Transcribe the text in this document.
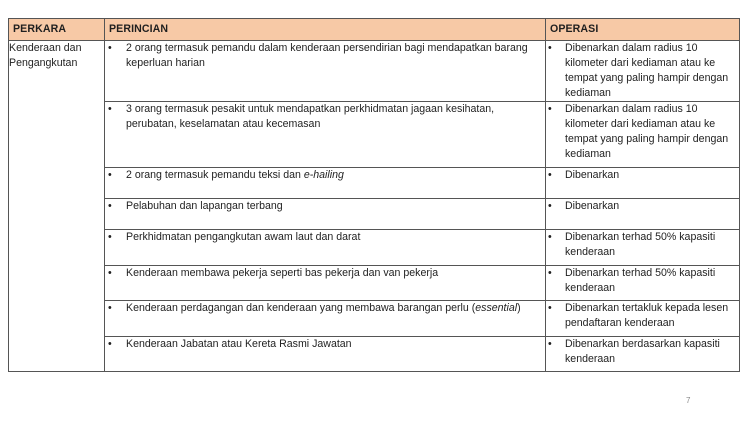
PERKARA	PERINCIAN	OPERASI
Kenderaan dan Pengangkutan	• 2 orang termasuk pemandu dalam kenderaan persendirian bagi mendapatkan barang keperluan harian	• Dibenarkan dalam radius 10 kilometer dari kediaman atau ke tempat yang paling hampir dengan kediaman

	• 3 orang termasuk pesakit untuk mendapatkan perkhidmatan jagaan kesihatan, perubatan, keselamatan atau kecemasan	• Dibenarkan dalam radius 10 kilometer dari kediaman atau ke tempat yang paling hampir dengan kediaman

	• 2 orang termasuk pemandu teksi dan e-hailing	• Dibenarkan

	• Pelabuhan dan lapangan terbang	• Dibenarkan

	• Perkhidmatan pengangkutan awam laut dan darat	• Dibenarkan terhad 50% kapasiti kenderaan

	• Kenderaan membawa pekerja seperti bas pekerja dan van pekerja	• Dibenarkan terhad 50% kapasiti kenderaan

	• Kenderaan perdagangan dan kenderaan yang membawa barangan perlu (essential)	• Dibenarkan tertakluk kepada lesen pendaftaran kenderaan

	• Kenderaan Jabatan atau Kereta Rasmi Jawatan	• Dibenarkan berdasarkan kapasiti kenderaan
7
